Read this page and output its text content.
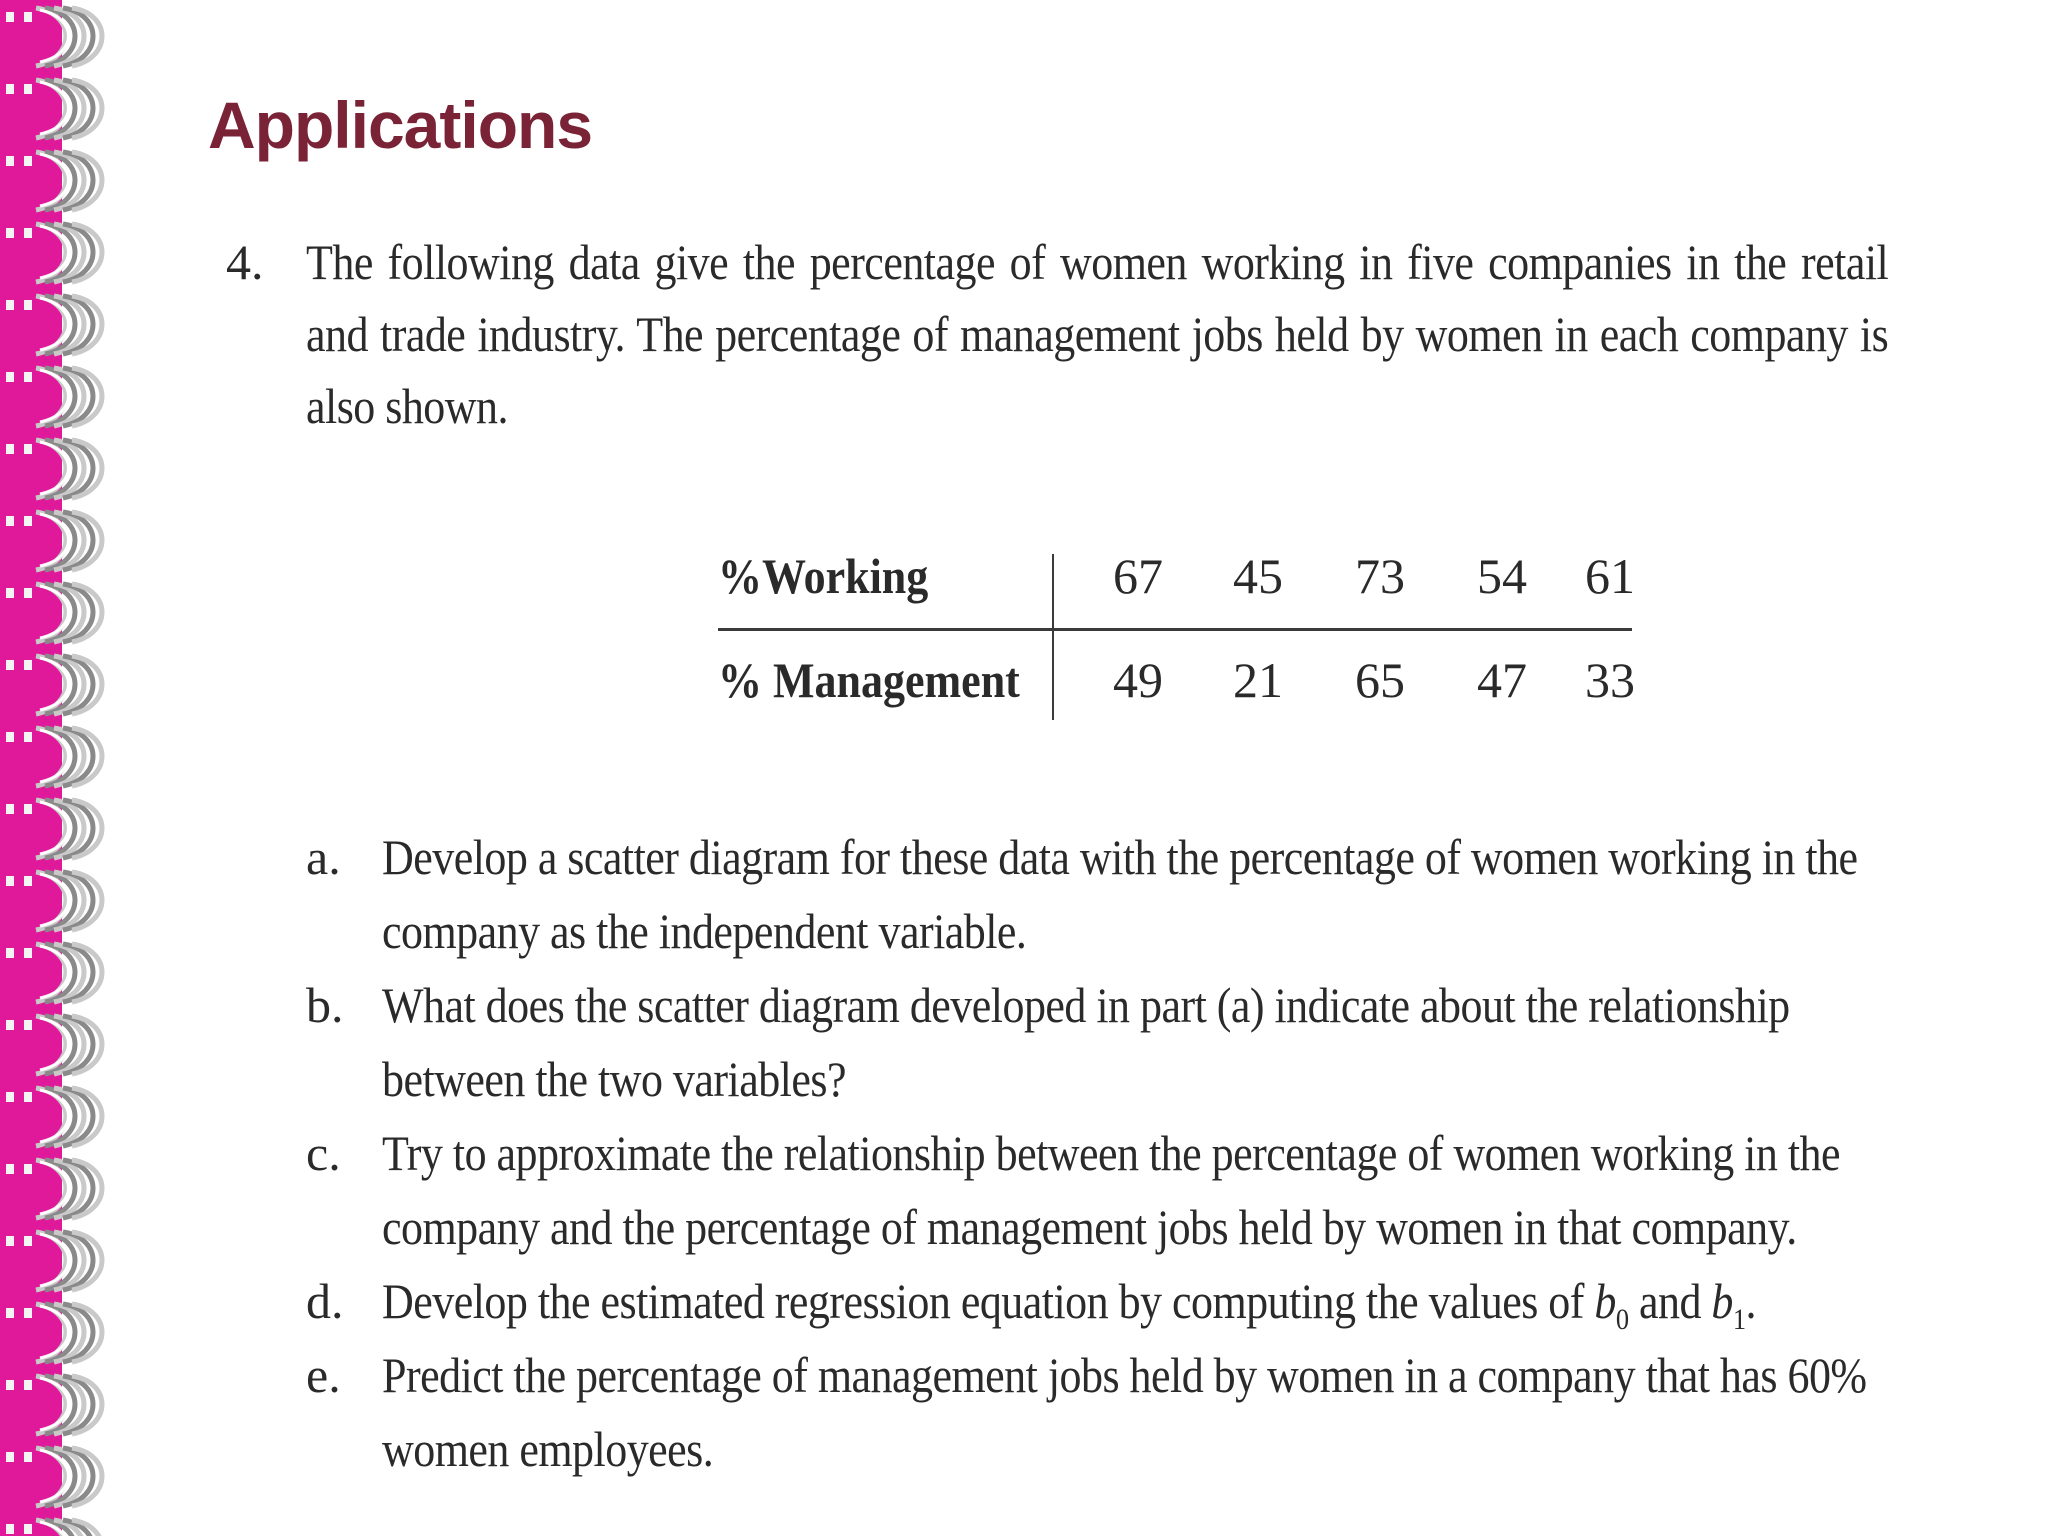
Applications
4. The following data give the percentage of women working in five companies in the retail and trade industry. The percentage of management jobs held by women in each company is also shown.
%Working	67	45	73	54	61
% Management	49	21	65	47	33
a. Develop a scatter diagram for these data with the percentage of women working in the company as the independent variable.
b. What does the scatter diagram developed in part (a) indicate about the relationship between the two variables?
c. Try to approximate the relationship between the percentage of women working in the company and the percentage of management jobs held by women in that company.
d. Develop the estimated regression equation by computing the values of $b_0$ and $b_1$.
e. Predict the percentage of management jobs held by women in a company that has 60% women employees.
